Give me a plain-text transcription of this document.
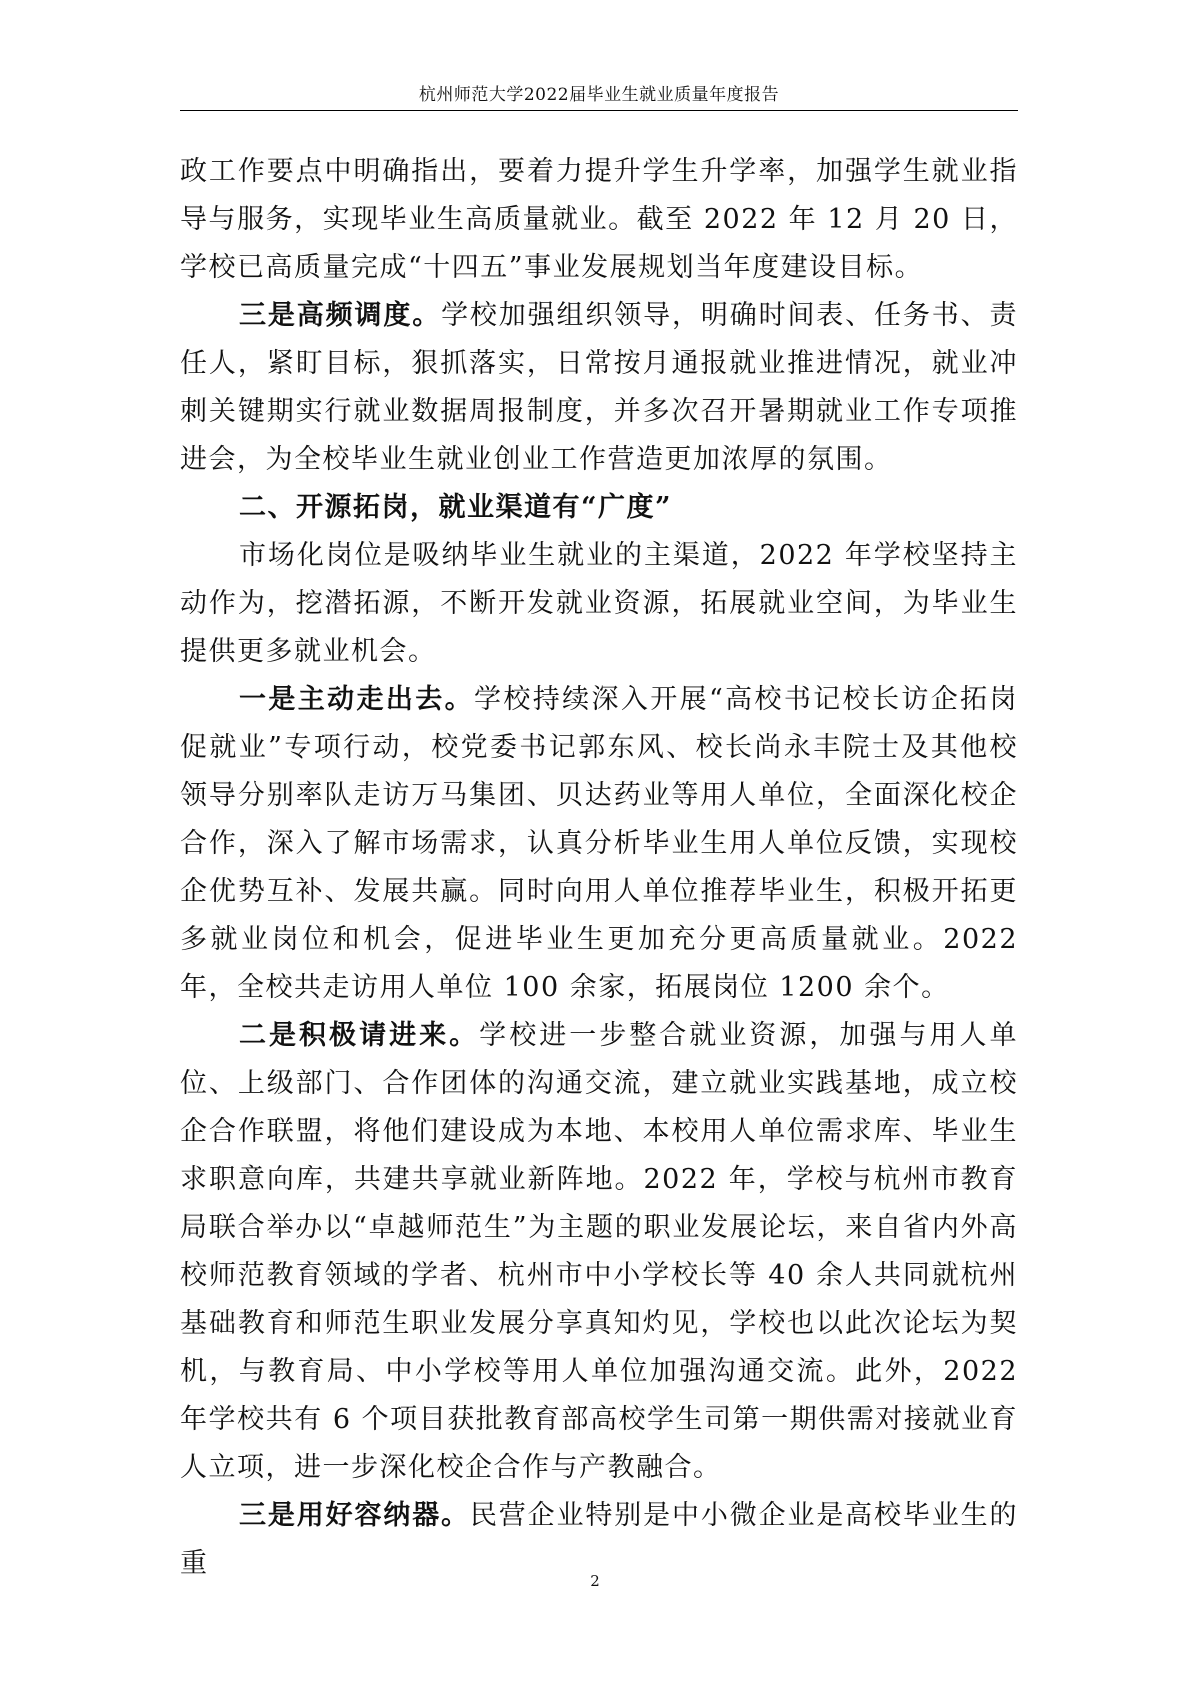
杭州师范大学2022届毕业生就业质量年度报告

政工作要点中明确指出，要着力提升学生升学率，加强学生就业指导与服务，实现毕业生高质量就业。截至 2022 年 12 月 20 日，学校已高质量完成“十四五”事业发展规划当年度建设目标。

三是高频调度。学校加强组织领导，明确时间表、任务书、责任人，紧盯目标，狠抓落实，日常按月通报就业推进情况，就业冲刺关键期实行就业数据周报制度，并多次召开暑期就业工作专项推进会，为全校毕业生就业创业工作营造更加浓厚的氛围。

二、开源拓岗，就业渠道有“广度”

市场化岗位是吸纳毕业生就业的主渠道，2022 年学校坚持主动作为，挖潜拓源，不断开发就业资源，拓展就业空间，为毕业生提供更多就业机会。

一是主动走出去。学校持续深入开展“高校书记校长访企拓岗促就业”专项行动，校党委书记郭东风、校长尚永丰院士及其他校领导分别率队走访万马集团、贝达药业等用人单位，全面深化校企合作，深入了解市场需求，认真分析毕业生用人单位反馈，实现校企优势互补、发展共赢。同时向用人单位推荐毕业生，积极开拓更多就业岗位和机会，促进毕业生更加充分更高质量就业。2022 年，全校共走访用人单位 100 余家，拓展岗位 1200 余个。

二是积极请进来。学校进一步整合就业资源，加强与用人单位、上级部门、合作团体的沟通交流，建立就业实践基地，成立校企合作联盟，将他们建设成为本地、本校用人单位需求库、毕业生求职意向库，共建共享就业新阵地。2022 年，学校与杭州市教育局联合举办以“卓越师范生”为主题的职业发展论坛，来自省内外高校师范教育领域的学者、杭州市中小学校长等 40 余人共同就杭州基础教育和师范生职业发展分享真知灼见，学校也以此次论坛为契机，与教育局、中小学校等用人单位加强沟通交流。此外，2022 年学校共有 6 个项目获批教育部高校学生司第一期供需对接就业育人立项，进一步深化校企合作与产教融合。

三是用好容纳器。民营企业特别是中小微企业是高校毕业生的重

2
